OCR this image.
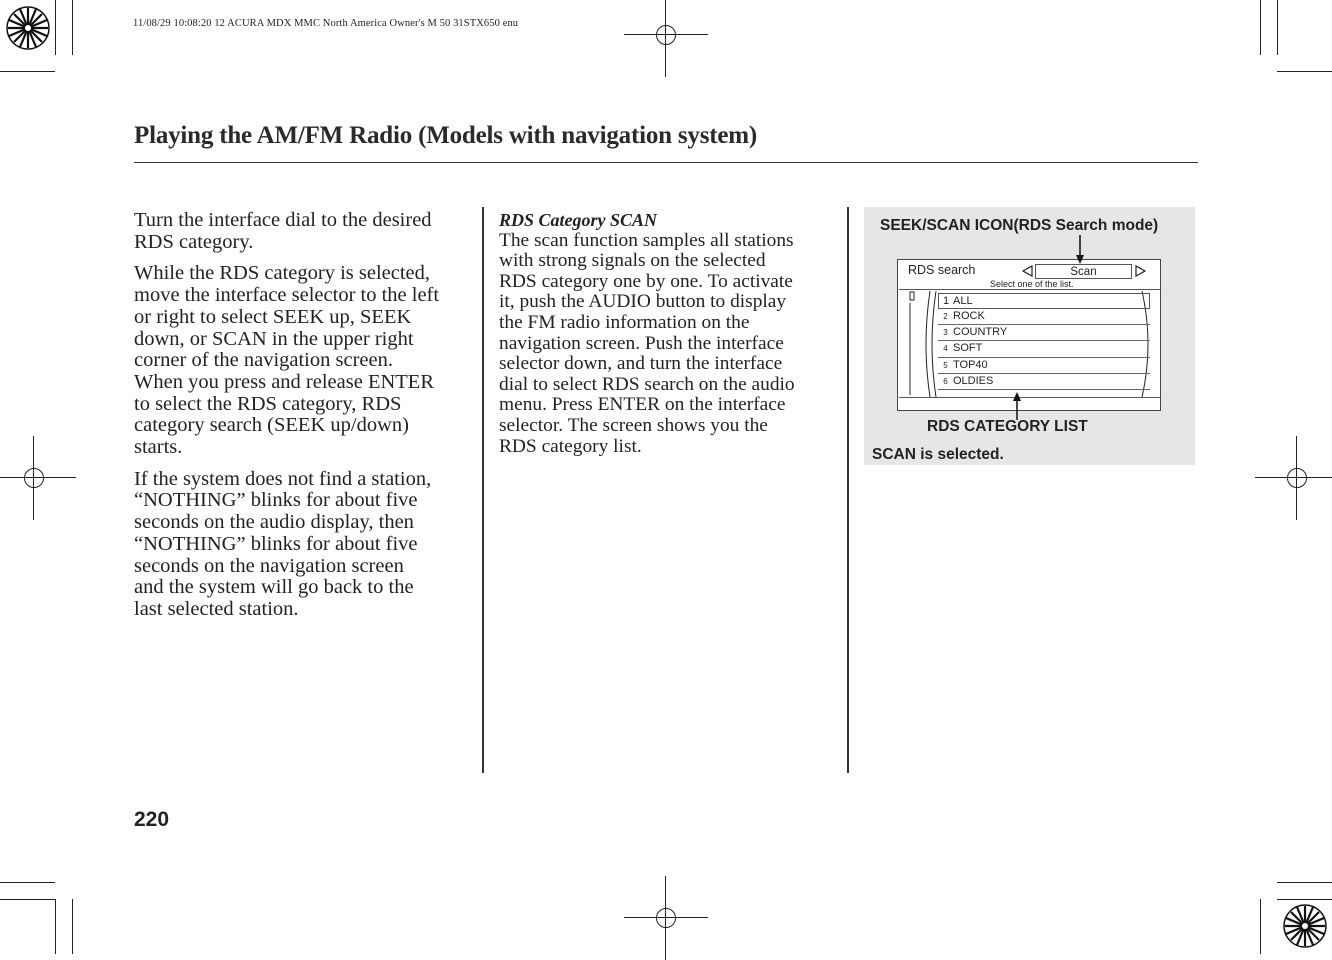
11/08/29 10:08:20 12 ACURA MDX MMC North America Owner's M 50 31STX650 enu
Playing the AM/FM Radio (Models with navigation system)

Turn the interface dial to the desired
RDS category.

While the RDS category is selected,
move the interface selector to the left
or right to select SEEK up, SEEK
down, or SCAN in the upper right
corner of the navigation screen.
When you press and release ENTER
to select the RDS category, RDS
category search (SEEK up/down)
starts.

If the system does not find a station,
“NOTHING” blinks for about five
seconds on the audio display, then
“NOTHING” blinks for about five
seconds on the navigation screen
and the system will go back to the
last selected station.

RDS Category SCAN

The scan function samples all stations
with strong signals on the selected
RDS category one by one. To activate
it, push the AUDIO button to display
the FM radio information on the
navigation screen. Push the interface
selector down, and turn the interface
dial to select RDS search on the audio
menu. Press ENTER on the interface
selector. The screen shows you the
RDS category list.

SEEK/SCAN ICON(RDS Search mode)
RDS search	Scan
Select one of the list.
1 ALL
2 ROCK
3 COUNTRY
4 SOFT
5 TOP40
6 OLDIES
RDS CATEGORY LIST
SCAN is selected.
220
